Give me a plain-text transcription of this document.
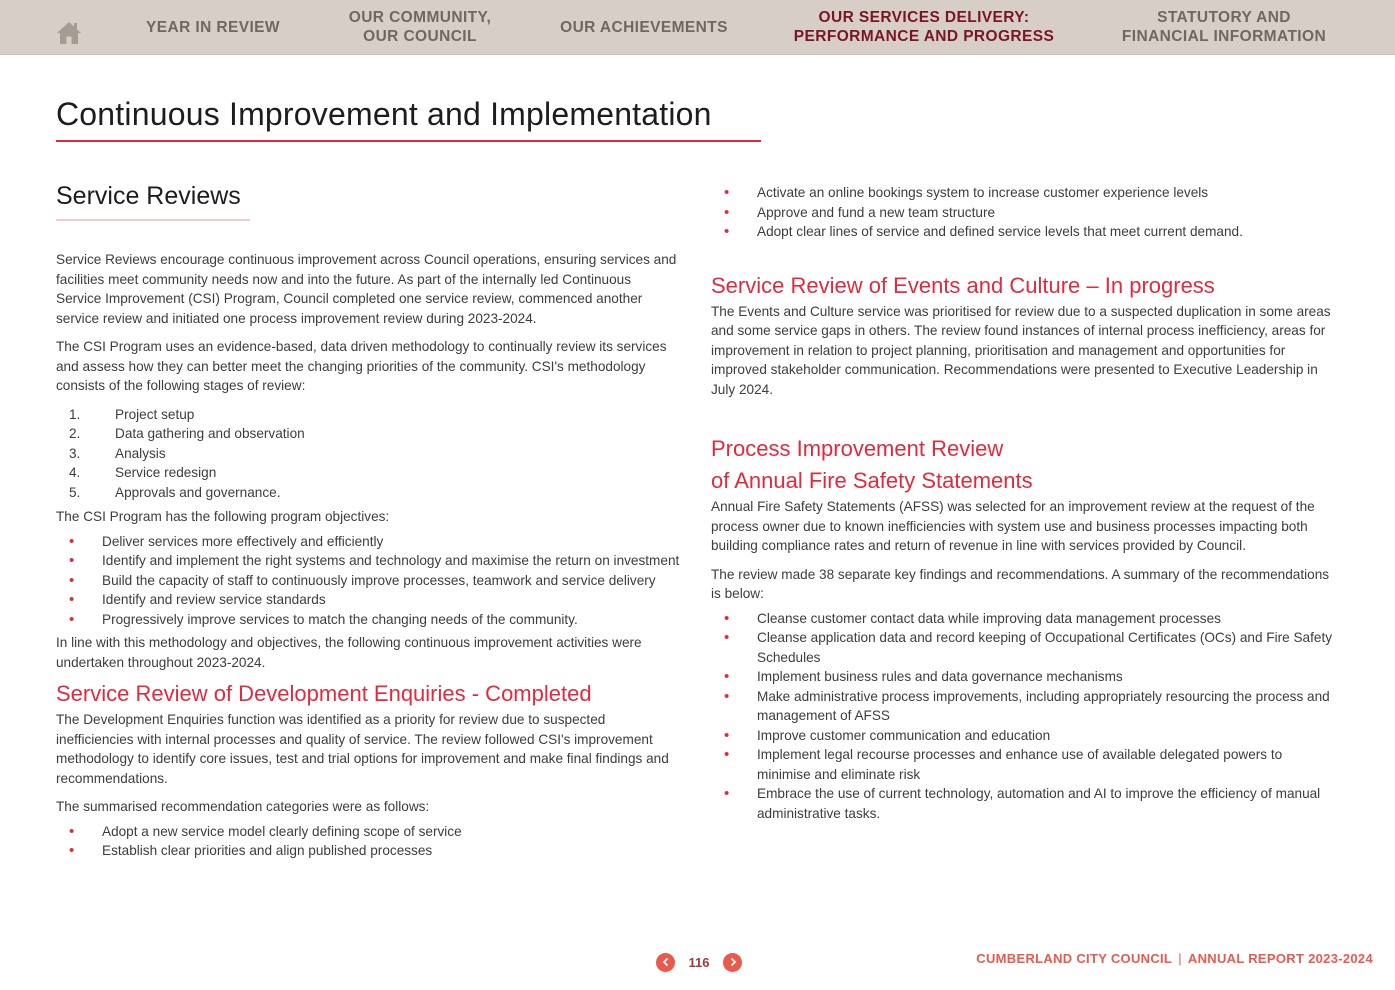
YEAR IN REVIEW
OUR COMMUNITY,
OUR COUNCIL
OUR ACHIEVEMENTS
OUR SERVICES DELIVERY:
PERFORMANCE AND PROGRESS
STATUTORY AND
FINANCIAL INFORMATION
Continuous Improvement and Implementation
Service Reviews

Service Reviews encourage continuous improvement across Council operations, ensuring services and facilities meet community needs now and into the future. As part of the internally led Continuous Service Improvement (CSI) Program, Council completed one service review, commenced another service review and initiated one process improvement review during 2023-2024.

The CSI Program uses an evidence-based, data driven methodology to continually review its services and assess how they can better meet the changing priorities of the community. CSI's methodology consists of the following stages of review:

1.	Project setup
2.	Data gathering and observation
3.	Analysis
4.	Service redesign
5.	Approvals and governance.

The CSI Program has the following program objectives:

• Deliver services more effectively and efficiently
• Identify and implement the right systems and technology and maximise the return on investment
• Build the capacity of staff to continuously improve processes, teamwork and service delivery
• Identify and review service standards
• Progressively improve services to match the changing needs of the community.

In line with this methodology and objectives, the following continuous improvement activities were undertaken throughout 2023-2024.

Service Review of Development Enquiries - Completed

The Development Enquiries function was identified as a priority for review due to suspected inefficiencies with internal processes and quality of service. The review followed CSI's improvement methodology to identify core issues, test and trial options for improvement and make final findings and recommendations.

The summarised recommendation categories were as follows:

• Adopt a new service model clearly defining scope of service
• Establish clear priorities and align published processes
• Activate an online bookings system to increase customer experience levels
• Approve and fund a new team structure
• Adopt clear lines of service and defined service levels that meet current demand.
Service Review of Events and Culture – In progress

The Events and Culture service was prioritised for review due to a suspected duplication in some areas and some service gaps in others. The review found instances of internal process inefficiency, areas for improvement in relation to project planning, prioritisation and management and opportunities for improved stakeholder communication. Recommendations were presented to Executive Leadership in July 2024.

Process Improvement Review
of Annual Fire Safety Statements

Annual Fire Safety Statements (AFSS) was selected for an improvement review at the request of the process owner due to known inefficiencies with system use and business processes impacting both building compliance rates and return of revenue in line with services provided by Council.

The review made 38 separate key findings and recommendations. A summary of the recommendations is below:

• Cleanse customer contact data while improving data management processes
• Cleanse application data and record keeping of Occupational Certificates (OCs) and Fire Safety Schedules
• Implement business rules and data governance mechanisms
• Make administrative process improvements, including appropriately resourcing the process and management of AFSS
• Improve customer communication and education
• Implement legal recourse processes and enhance use of available delegated powers to minimise and eliminate risk
• Embrace the use of current technology, automation and AI to improve the efficiency of manual administrative tasks.
116	CUMBERLAND CITY COUNCIL | ANNUAL REPORT 2023-2024
